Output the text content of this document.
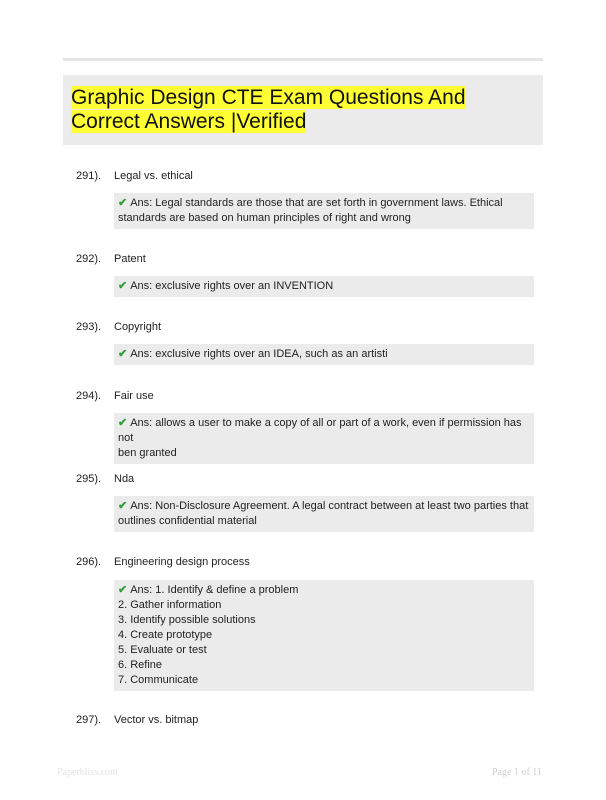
Graphic Design CTE Exam Questions And
Correct Answers |Verified
291). Legal vs. ethical
✔ Ans: Legal standards are those that are set forth in government laws. Ethical
standards are based on human principles of right and wrong
292). Patent
✔ Ans: exclusive rights over an INVENTION
293). Copyright
✔ Ans: exclusive rights over an IDEA, such as an artisti
294). Fair use
✔ Ans: allows a user to make a copy of all or part of a work, even if permission has not
ben granted
295). Nda
✔ Ans: Non-Disclosure Agreement. A legal contract between at least two parties that
outlines confidential material
296). Engineering design process
✔ Ans: 1. Identify & define a problem
2. Gather information
3. Identify possible solutions
4. Create prototype
5. Evaluate or test
6. Refine
7. Communicate
297). Vector vs. bitmap
Paperbliss.com	Page 1 of 11
